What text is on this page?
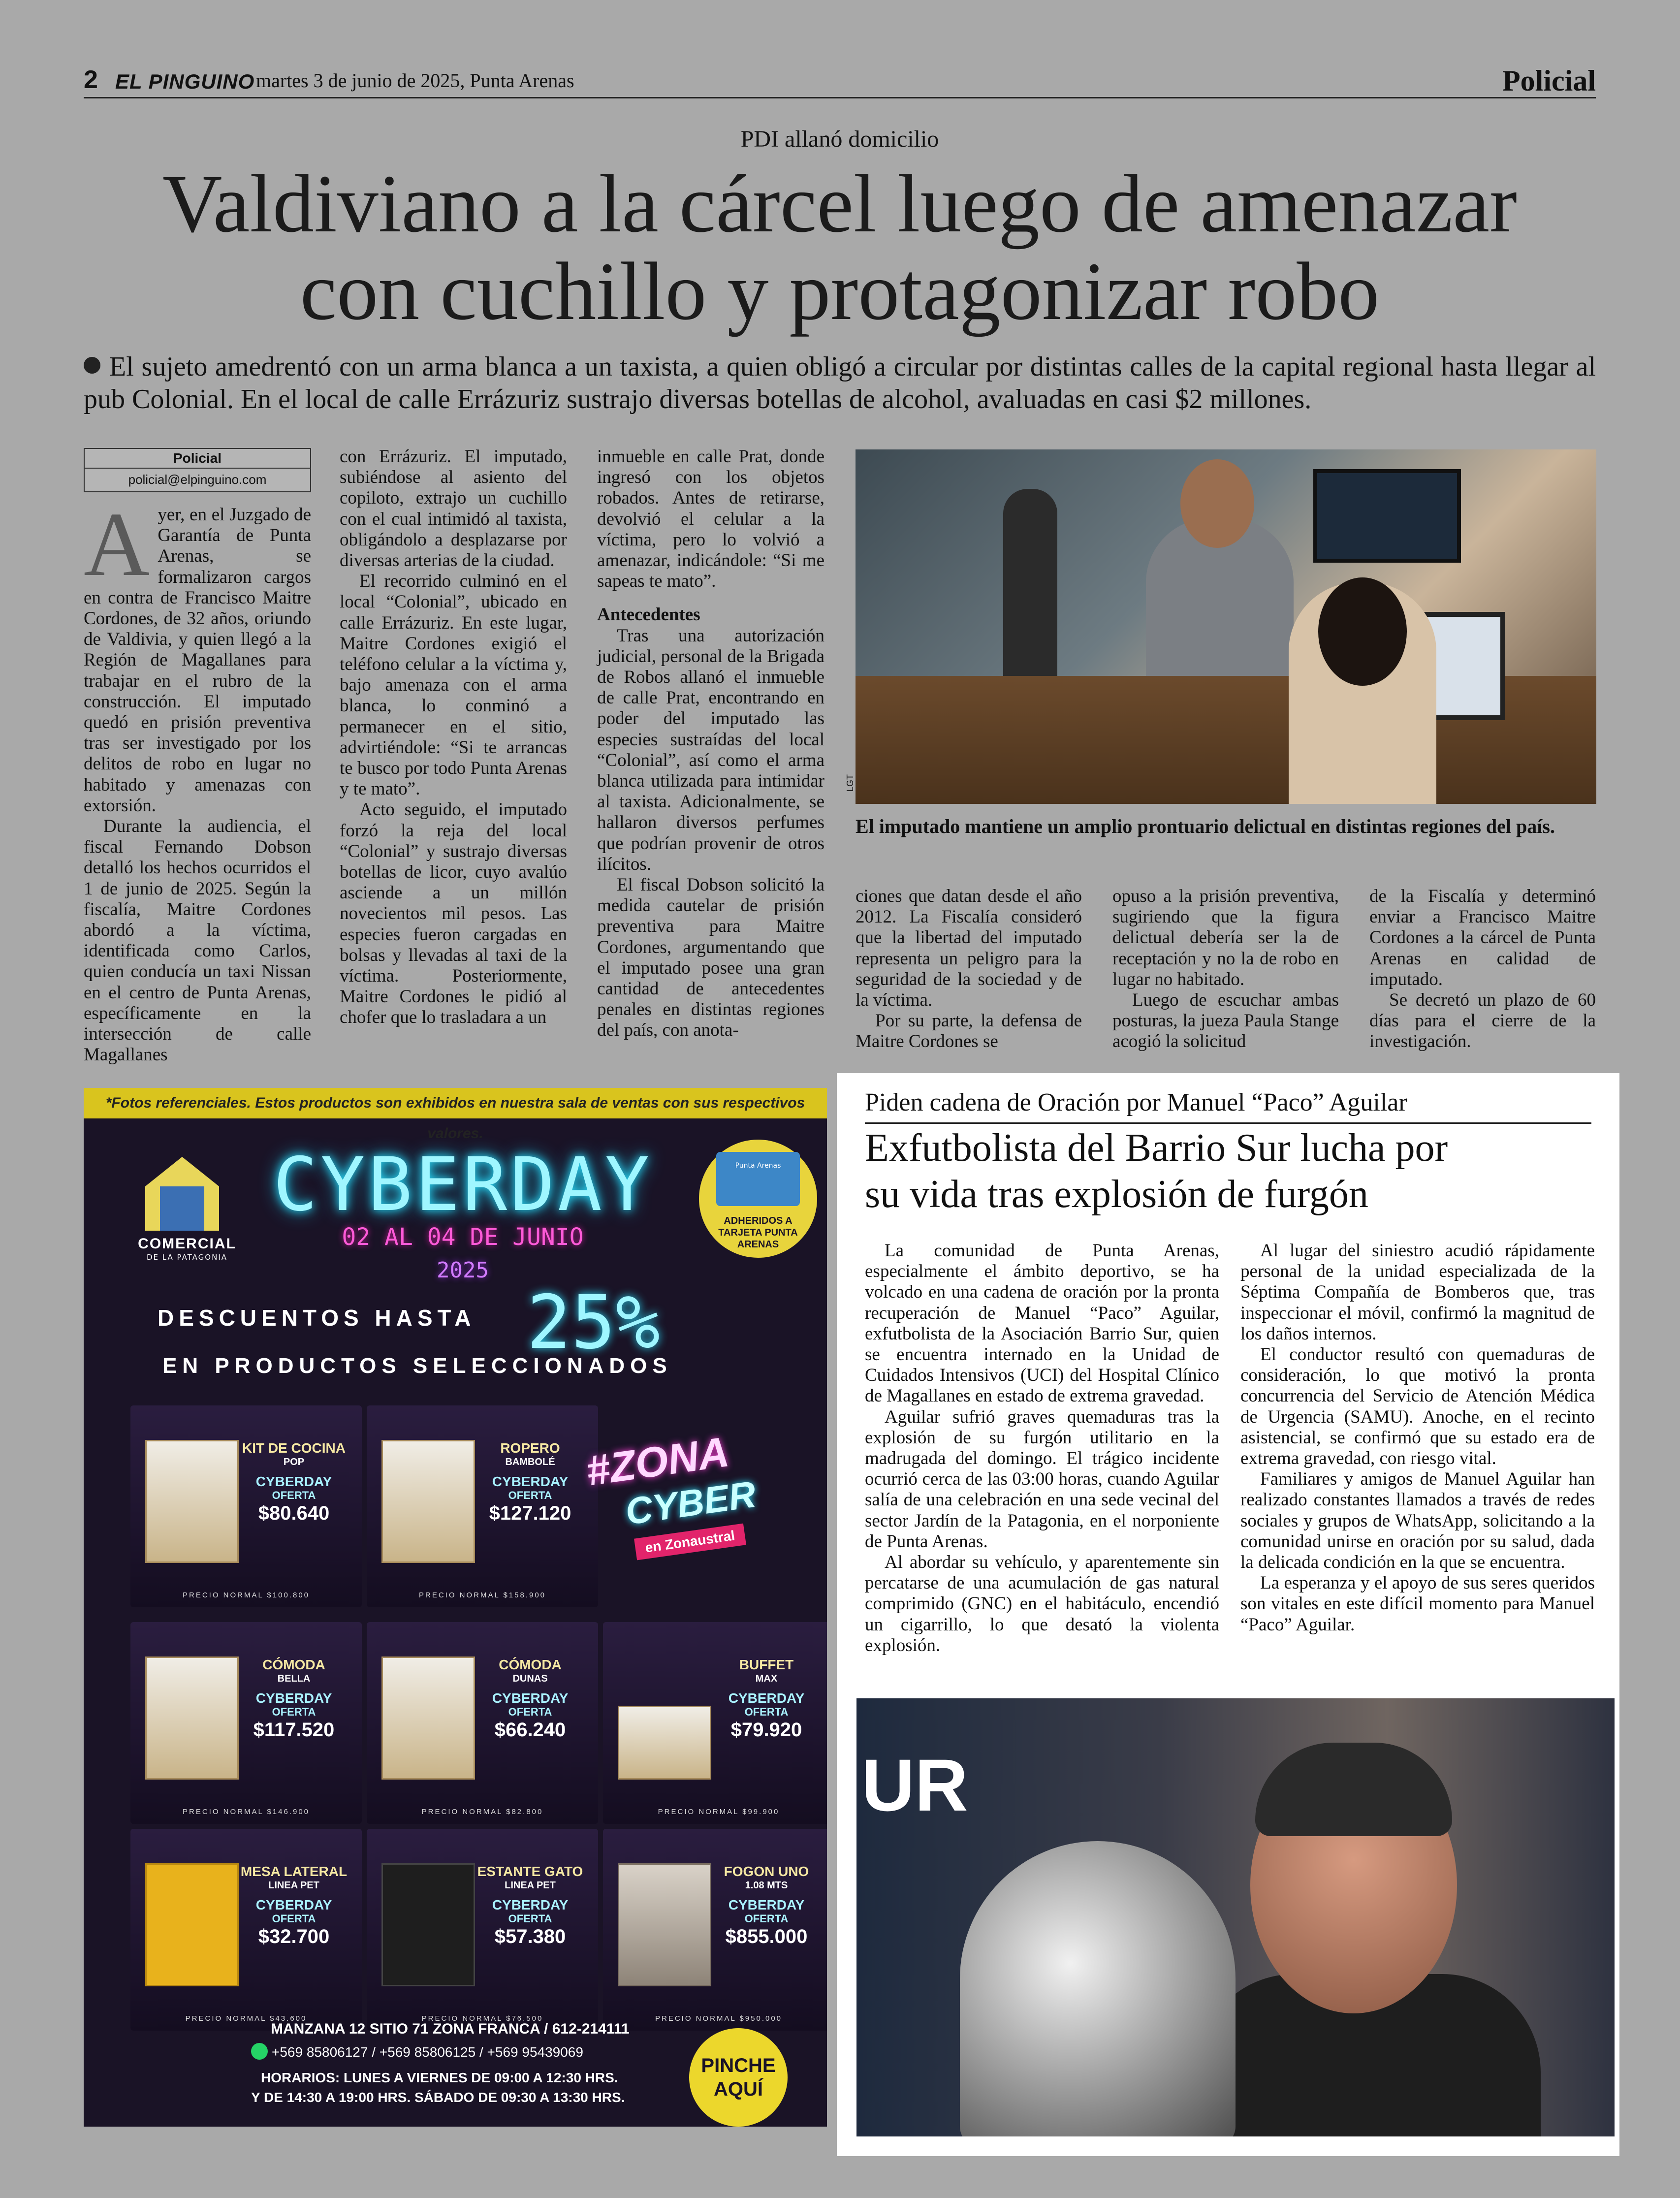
2 EL PINGUINO martes 3 de junio de 2025, Punta Arenas	Policial
PDI allanó domicilio
Valdiviano a la cárcel luego de amenazar
con cuchillo y protagonizar robo
El sujeto amedrentó con un arma blanca a un taxista, a quien obligó a circular por distintas calles de la capital regional hasta llegar al pub Colonial. En el local de calle Errázuriz sustrajo diversas botellas de alcohol, avaluadas en casi $2 millones.
Policial
policial@elpinguino.com

Ayer, en el Juzgado de Garantía de Punta Arenas, se formalizaron cargos en contra de Francisco Maitre Cordones, de 32 años, oriundo de Valdivia, y quien llegó a la Región de Magallanes para trabajar en el rubro de la construcción. El imputado quedó en prisión preventiva tras ser investigado por los delitos de robo en lugar no habitado y amenazas con extorsión.

Durante la audiencia, el fiscal Fernando Dobson detalló los hechos ocurridos el 1 de junio de 2025. Según la fiscalía, Maitre Cordones abordó a la víctima, identificada como Carlos, quien conducía un taxi Nissan en el centro de Punta Arenas, específicamente en la intersección de calle Magallanes

con Errázuriz. El imputado, subiéndose al asiento del copiloto, extrajo un cuchillo con el cual intimidó al taxista, obligándolo a desplazarse por diversas arterias de la ciudad.

El recorrido culminó en el local “Colonial”, ubicado en calle Errázuriz. En este lugar, Maitre Cordones exigió el teléfono celular a la víctima y, bajo amenaza con el arma blanca, lo conminó a permanecer en el sitio, advirtiéndole: “Si te arrancas te busco por todo Punta Arenas y te mato”.

Acto seguido, el imputado forzó la reja del local “Colonial” y sustrajo diversas botellas de licor, cuyo avalúo asciende a un millón novecientos mil pesos. Las especies fueron cargadas en bolsas y llevadas al taxi de la víctima. Posteriormente, Maitre Cordones le pidió al chofer que lo trasladara a un

inmueble en calle Prat, donde ingresó con los objetos robados. Antes de retirarse, devolvió el celular a la víctima, pero lo volvió a amenazar, indicándole: “Si me sapeas te mato”.

Antecedentes

Tras una autorización judicial, personal de la Brigada de Robos allanó el inmueble de calle Prat, encontrando en poder del imputado las especies sustraídas del local “Colonial”, así como el arma blanca utilizada para intimidar al taxista. Adicionalmente, se hallaron diversos perfumes que podrían provenir de otros ilícitos.

El fiscal Dobson solicitó la medida cautelar de prisión preventiva para Maitre Cordones, argumentando que el imputado posee una gran cantidad de antecedentes penales en distintas regiones del país, con anota-

LGT
El imputado mantiene un amplio prontuario delictual en distintas regiones del país.

ciones que datan desde el año 2012. La Fiscalía consideró que la libertad del imputado representa un peligro para la seguridad de la sociedad y de la víctima.

Por su parte, la defensa de Maitre Cordones se

opuso a la prisión preventiva, sugiriendo que la figura delictual debería ser la de receptación y no la de robo en lugar no habitado.

Luego de escuchar ambas posturas, la jueza Paula Stange acogió la solicitud

de la Fiscalía y determinó enviar a Francisco Maitre Cordones a la cárcel de Punta Arenas en calidad de imputado.

Se decretó un plazo de 60 días para el cierre de la investigación.

*Fotos referenciales. Estos productos son exhibidos en nuestra sala de ventas con sus respectivos valores.
COMERCIAL
DE LA PATAGONIA
CYBERDAY
02 AL 04 DE JUNIO
2025
Punta Arenas
ADHERIDOS A TARJETA PUNTA ARENAS
DESCUENTOS HASTA 25%
EN PRODUCTOS SELECCIONADOS
KIT DE COCINA
POP
CYBERDAY
OFERTA
$80.640
PRECIO NORMAL $100.800
ROPERO
BAMBOLÉ
CYBERDAY
OFERTA
$127.120
PRECIO NORMAL $158.900
#ZONA
CYBER
en Zonaustral
CÓMODA
BELLA
CYBERDAY
OFERTA
$117.520
PRECIO NORMAL $146.900
CÓMODA
DUNAS
CYBERDAY
OFERTA
$66.240
PRECIO NORMAL $82.800
BUFFET
MAX
CYBERDAY
OFERTA
$79.920
PRECIO NORMAL $99.900
MESA LATERAL
LINEA PET
CYBERDAY
OFERTA
$32.700
PRECIO NORMAL $43.600
ESTANTE GATO
LINEA PET
CYBERDAY
OFERTA
$57.380
PRECIO NORMAL $76.500
FOGON UNO
1.08 MTS
CYBERDAY
OFERTA
$855.000
PRECIO NORMAL $950.000
MANZANA 12 SITIO 71 ZONA FRANCA / 612-214111
+569 85806127 / +569 85806125 / +569 95439069
HORARIOS: LUNES A VIERNES DE 09:00 A 12:30 HRS.
Y DE 14:30 A 19:00 HRS. SÁBADO DE 09:30 A 13:30 HRS.
PINCHE AQUÍ
Piden cadena de Oración por Manuel “Paco” Aguilar
Exfutbolista del Barrio Sur lucha por
su vida tras explosión de furgón

La comunidad de Punta Arenas, especialmente el ámbito deportivo, se ha volcado en una cadena de oración por la pronta recuperación de Manuel “Paco” Aguilar, exfutbolista de la Asociación Barrio Sur, quien se encuentra internado en la Unidad de Cuidados Intensivos (UCI) del Hospital Clínico de Magallanes en estado de extrema gravedad.

Aguilar sufrió graves quemaduras tras la explosión de su furgón utilitario en la madrugada del domingo. El trágico incidente ocurrió cerca de las 03:00 horas, cuando Aguilar salía de una celebración en una sede vecinal del sector Jardín de la Patagonia, en el norponiente de Punta Arenas.

Al abordar su vehículo, y aparentemente sin percatarse de una acumulación de gas natural comprimido (GNC) en el habitáculo, encendió un cigarrillo, lo que desató la violenta explosión.

Al lugar del siniestro acudió rápidamente personal de la unidad especializada de la Séptima Compañía de Bomberos que, tras inspeccionar el móvil, confirmó la magnitud de los daños internos.

El conductor resultó con quemaduras de consideración, lo que motivó la pronta concurrencia del Servicio de Atención Médica de Urgencia (SAMU). Anoche, en el recinto asistencial, se confirmó que su estado era de extrema gravedad, con riesgo vital.

Familiares y amigos de Manuel Aguilar han realizado constantes llamados a través de redes sociales y grupos de WhatsApp, solicitando a la comunidad unirse en oración por su salud, dada la delicada condición en la que se encuentra.

La esperanza y el apoyo de sus seres queridos son vitales en este difícil momento para Manuel “Paco” Aguilar.

UR
